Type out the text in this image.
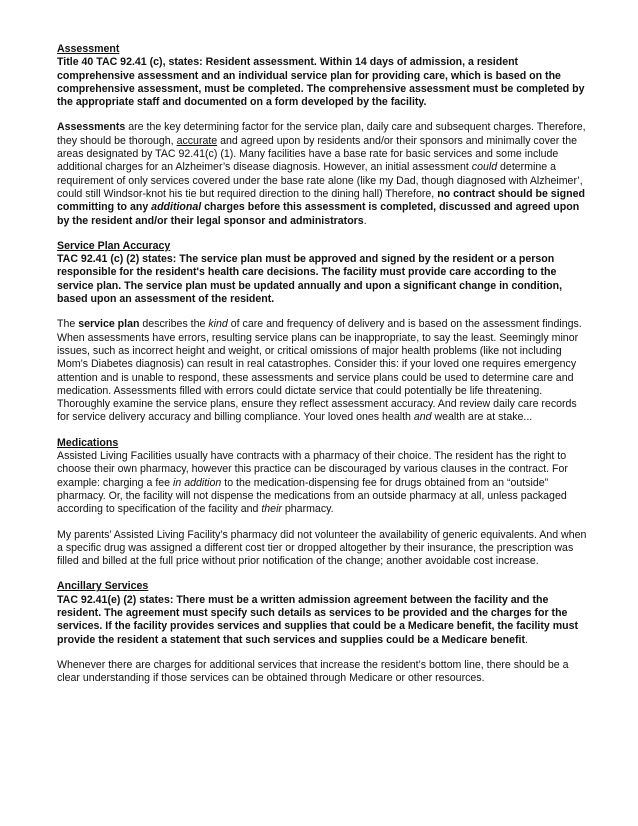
Assessment
Title 40 TAC 92.41 (c), states: Resident assessment. Within 14 days of admission, a resident comprehensive assessment and an individual service plan for providing care, which is based on the comprehensive assessment, must be completed. The comprehensive assessment must be completed by the appropriate staff and documented on a form developed by the facility.

Assessments are the key determining factor for the service plan, daily care and subsequent charges. Therefore, they should be thorough, accurate and agreed upon by residents and/or their sponsors and minimally cover the areas designated by TAC 92.41(c) (1). Many facilities have a base rate for basic services and some include additional charges for an Alzheimer’s disease diagnosis. However, an initial assessment could determine a requirement of only services covered under the base rate alone (like my Dad, though diagnosed with Alzheimer’, could still Windsor-knot his tie but required direction to the dining hall) Therefore, no contract should be signed committing to any additional charges before this assessment is completed, discussed and agreed upon by the resident and/or their legal sponsor and administrators.

Service Plan Accuracy
TAC 92.41 (c) (2) states: The service plan must be approved and signed by the resident or a person responsible for the resident's health care decisions. The facility must provide care according to the service plan. The service plan must be updated annually and upon a significant change in condition, based upon an assessment of the resident.

The service plan describes the kind of care and frequency of delivery and is based on the assessment findings. When assessments have errors, resulting service plans can be inappropriate, to say the least. Seemingly minor issues, such as incorrect height and weight, or critical omissions of major health problems (like not including Mom’s Diabetes diagnosis) can result in real catastrophes. Consider this: if your loved one requires emergency attention and is unable to respond, these assessments and service plans could be used to determine care and medication. Assessments filled with errors could dictate service that could potentially be life threatening. Thoroughly examine the service plans, ensure they reflect assessment accuracy. And review daily care records for service delivery accuracy and billing compliance. Your loved ones health and wealth are at stake...

Medications
Assisted Living Facilities usually have contracts with a pharmacy of their choice. The resident has the right to choose their own pharmacy, however this practice can be discouraged by various clauses in the contract. For example: charging a fee in addition to the medication-dispensing fee for drugs obtained from an “outside” pharmacy. Or, the facility will not dispense the medications from an outside pharmacy at all, unless packaged according to specification of the facility and their pharmacy.

My parents’ Assisted Living Facility’s pharmacy did not volunteer the availability of generic equivalents. And when a specific drug was assigned a different cost tier or dropped altogether by their insurance, the prescription was filled and billed at the full price without prior notification of the change; another avoidable cost increase.

Ancillary Services
TAC 92.41(e) (2) states: There must be a written admission agreement between the facility and the resident. The agreement must specify such details as services to be provided and the charges for the services. If the facility provides services and supplies that could be a Medicare benefit, the facility must provide the resident a statement that such services and supplies could be a Medicare benefit.

Whenever there are charges for additional services that increase the resident’s bottom line, there should be a clear understanding if those services can be obtained through Medicare or other resources.
